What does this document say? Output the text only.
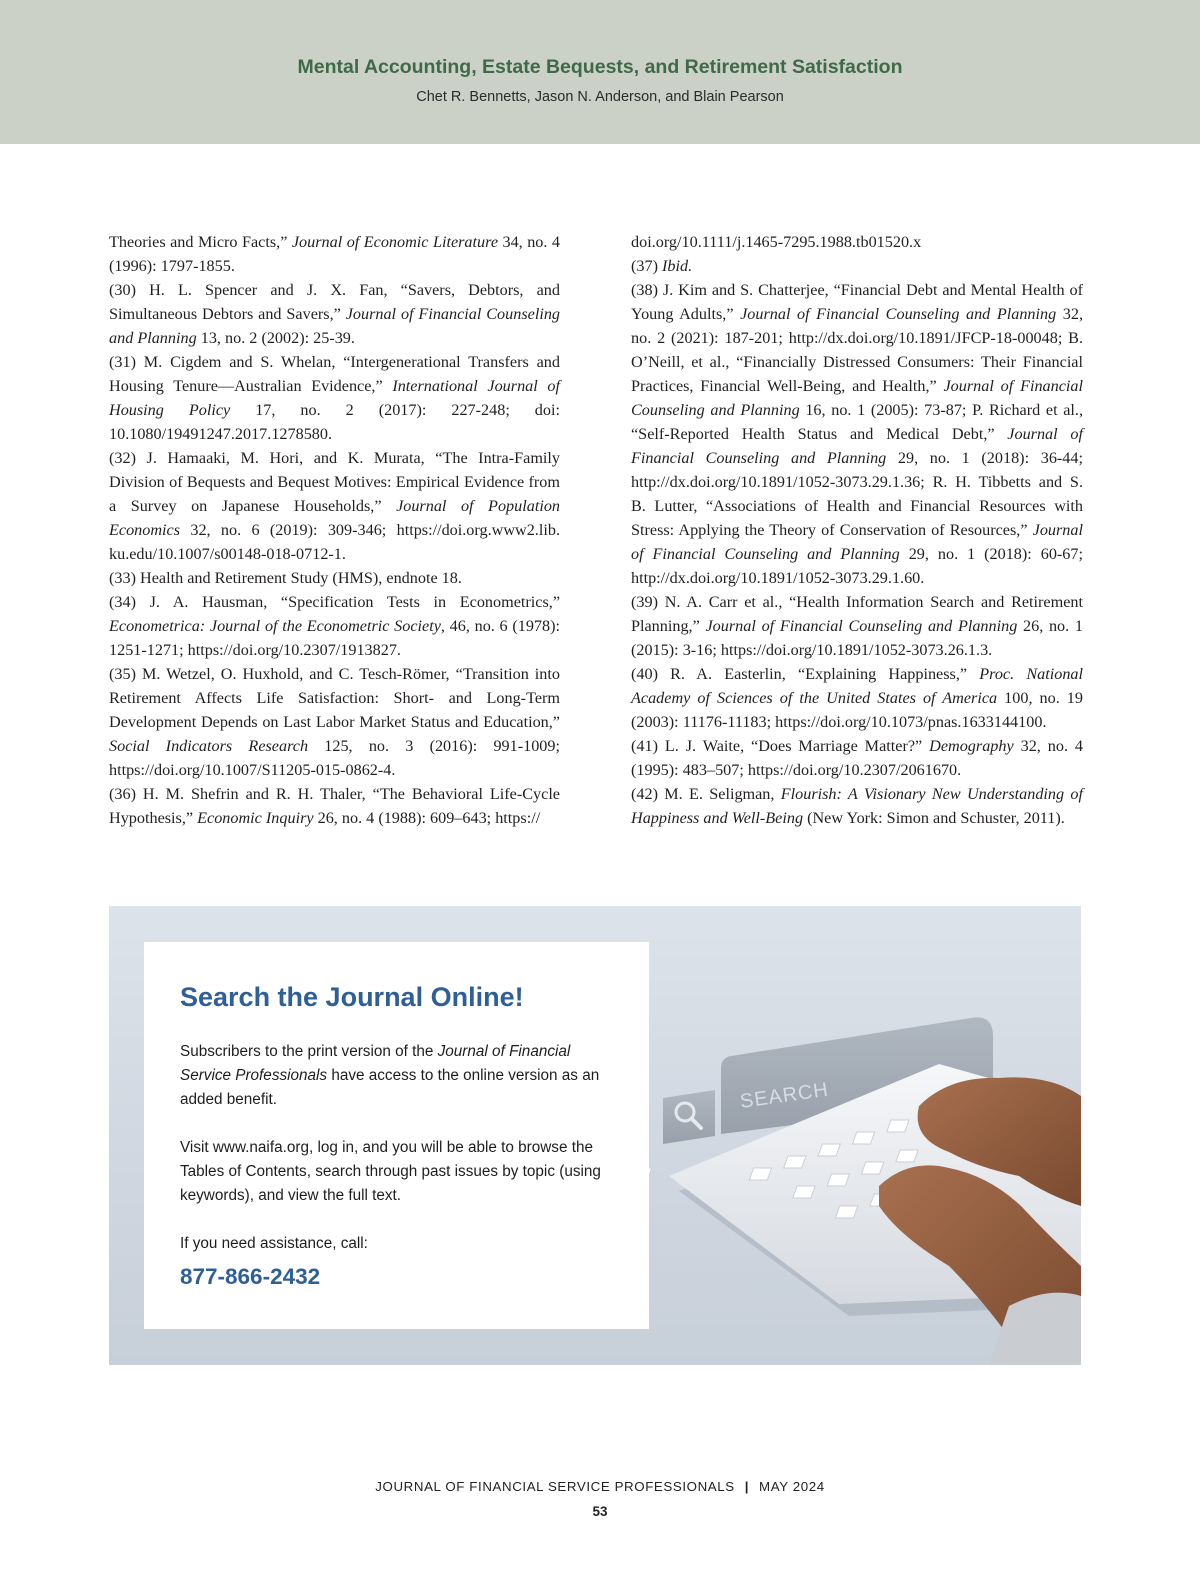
Mental Accounting, Estate Bequests, and Retirement Satisfaction
Chet R. Bennetts, Jason N. Anderson, and Blain Pearson

Theories and Micro Facts,” Journal of Economic Literature 34, no. 4 (1996): 1797-1855.

(30) H. L. Spencer and J. X. Fan, “Savers, Debtors, and Simultaneous Debtors and Savers,” Journal of Financial Counseling and Planning 13, no. 2 (2002): 25-39.

(31) M. Cigdem and S. Whelan, “Intergenerational Transfers and Housing Tenure—Australian Evidence,” International Journal of Housing Policy 17, no. 2 (2017): 227-248; doi: 10.1080/19491247.2017.1278580.

(32) J. Hamaaki, M. Hori, and K. Murata, “The Intra-Family Division of Bequests and Bequest Motives: Empirical Evidence from a Survey on Japanese Households,” Journal of Population Economics 32, no. 6 (2019): 309-346; https://doi.org.www2.lib. ku.edu/10.1007/s00148-018-0712-1.

(33) Health and Retirement Study (HMS), endnote 18.

(34) J. A. Hausman, “Specification Tests in Econometrics,” Econometrica: Journal of the Econometric Society, 46, no. 6 (1978): 1251-1271; https://doi.org/10.2307/1913827.

(35) M. Wetzel, O. Huxhold, and C. Tesch-Römer, “Transition into Retirement Affects Life Satisfaction: Short- and Long-Term Development Depends on Last Labor Market Status and Education,” Social Indicators Research 125, no. 3 (2016): 991-1009; https://doi.org/10.1007/S11205-015-0862-4.

(36) H. M. Shefrin and R. H. Thaler, “The Behavioral Life-Cycle Hypothesis,” Economic Inquiry 26, no. 4 (1988): 609–643; https://

doi.org/10.1111/j.1465-7295.1988.tb01520.x

(37) Ibid.

(38) J. Kim and S. Chatterjee, “Financial Debt and Mental Health of Young Adults,” Journal of Financial Counseling and Planning 32, no. 2 (2021): 187-201; http://dx.doi.org/10.1891/JFCP-18-00048; B. O’Neill, et al., “Financially Distressed Consumers: Their Financial Practices, Financial Well-Being, and Health,” Journal of Financial Counseling and Planning 16, no. 1 (2005): 73-87; P. Richard et al., “Self-Reported Health Status and Medical Debt,” Journal of Financial Counseling and Planning 29, no. 1 (2018): 36-44; http://dx.doi.org/10.1891/1052-3073.29.1.36; R. H. Tibbetts and S. B. Lutter, “Associations of Health and Financial Resources with Stress: Applying the Theory of Conservation of Resources,” Journal of Financial Counseling and Planning 29, no. 1 (2018): 60-67; http://dx.doi.org/10.1891/1052-3073.29.1.60.

(39) N. A. Carr et al., “Health Information Search and Retirement Planning,” Journal of Financial Counseling and Planning 26, no. 1 (2015): 3-16; https://doi.org/10.1891/1052-3073.26.1.3.

(40) R. A. Easterlin, “Explaining Happiness,” Proc. National Academy of Sciences of the United States of America 100, no. 19 (2003): 11176-11183; https://doi.org/10.1073/pnas.1633144100.

(41) L. J. Waite, “Does Marriage Matter?” Demography 32, no. 4 (1995): 483–507; https://doi.org/10.2307/2061670.

(42) M. E. Seligman, Flourish: A Visionary New Understanding of Happiness and Well-Being (New York: Simon and Schuster, 2011).

SEARCH
Search the Journal Online!

Subscribers to the print version of the Journal of Financial Service Professionals have access to the online version as an added benefit.

Visit www.naifa.org, log in, and you will be able to browse the Tables of Contents, search through past issues by topic (using keywords), and view the full text.

If you need assistance, call:

877-866-2432
JOURNAL OF FINANCIAL SERVICE PROFESSIONALS | MAY 2024
53
